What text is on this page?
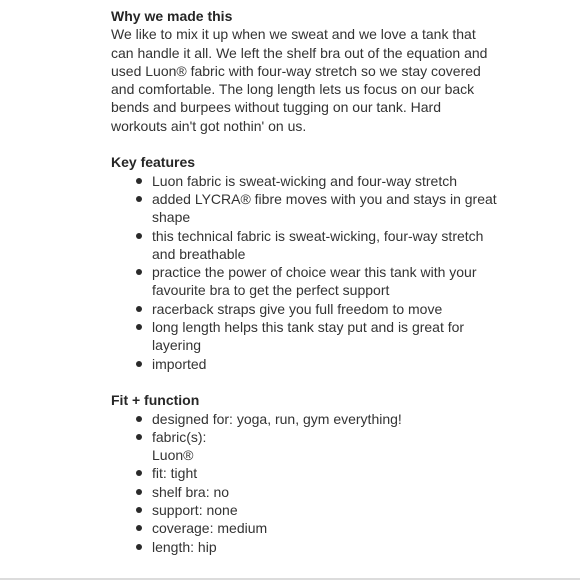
Why we made this
We like to mix it up when we sweat and we love a tank that
can handle it all. We left the shelf bra out of the equation and
used Luon® fabric with four-way stretch so we stay covered
and comfortable. The long length lets us focus on our back
bends and burpees without tugging on our tank. Hard
workouts ain't got nothin' on us.
Key features
Luon fabric is sweat-wicking and four-way stretch
added LYCRA® fibre moves with you and stays in great
shape
this technical fabric is sweat-wicking, four-way stretch
and breathable
practice the power of choice wear this tank with your
favourite bra to get the perfect support
racerback straps give you full freedom to move
long length helps this tank stay put and is great for
layering
imported
Fit + function
designed for: yoga, run, gym everything!
fabric(s):
Luon®
fit: tight
shelf bra: no
support: none
coverage: medium
length: hip
